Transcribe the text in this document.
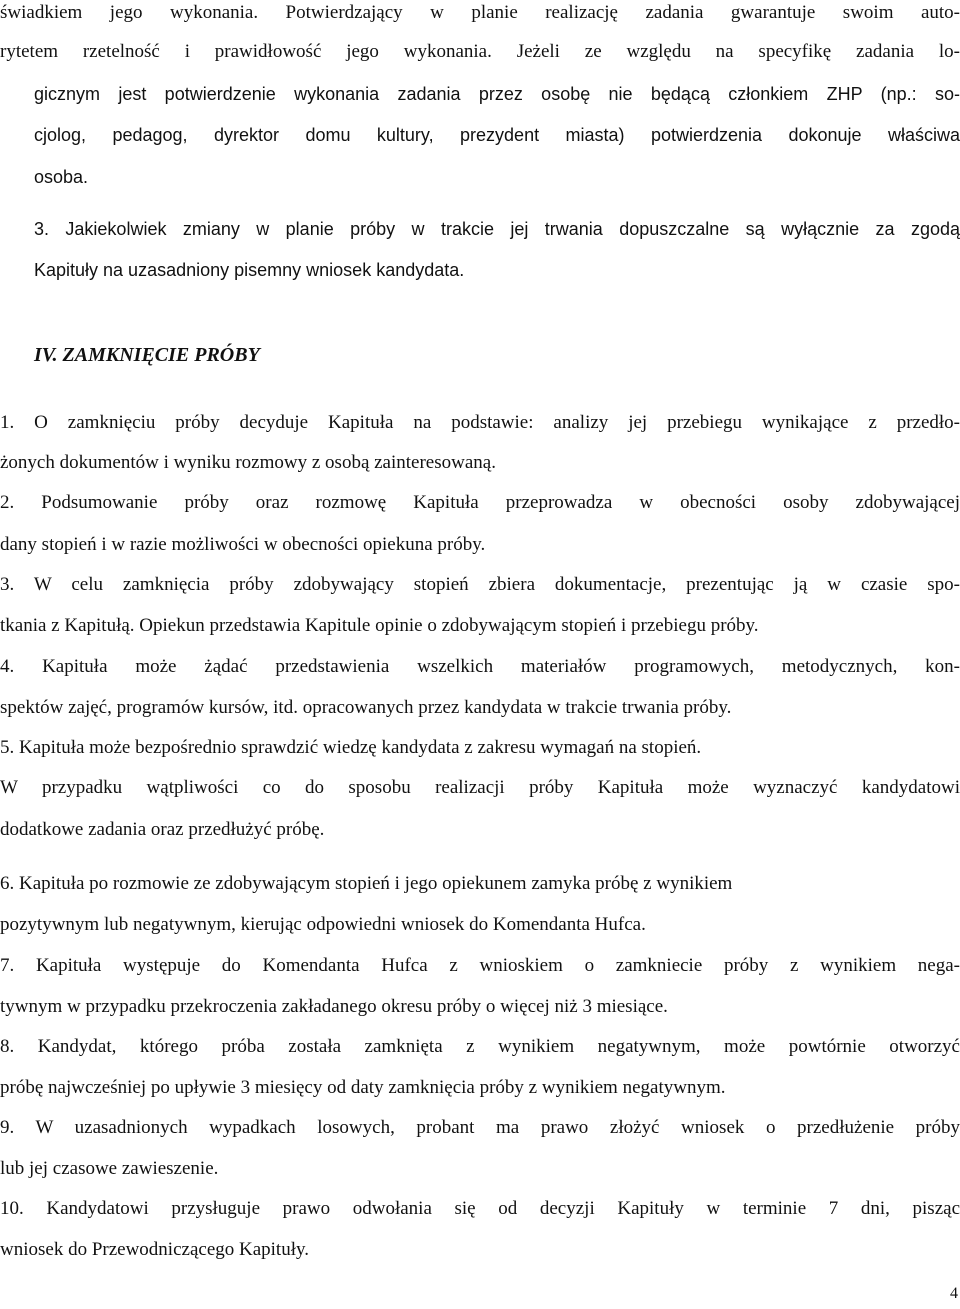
świadkiem jego wykonania. Potwierdzający w planie realizację zadania gwarantuje swoim auto-
rytetem rzetelność i prawidłowość jego wykonania. Jeżeli ze względu na specyfikę zadania lo-
gicznym jest potwierdzenie wykonania zadania przez osobę nie będącą członkiem ZHP (np.: so-
cjolog, pedagog, dyrektor domu kultury, prezydent miasta) potwierdzenia dokonuje właściwa
osoba.
3. Jakiekolwiek zmiany w planie próby w trakcie jej trwania dopuszczalne są wyłącznie za zgodą
Kapituły na uzasadniony pisemny wniosek kandydata.
IV. ZAMKNIĘCIE PRÓBY
1. O zamknięciu próby decyduje Kapituła na podstawie: analizy jej przebiegu wynikające z przedło-
żonych dokumentów i wyniku rozmowy z osobą zainteresowaną.
2. Podsumowanie próby oraz rozmowę Kapituła przeprowadza w obecności osoby zdobywającej
dany stopień i w razie możliwości w obecności opiekuna próby.
3. W celu zamknięcia próby zdobywający stopień zbiera dokumentacje, prezentując ją w czasie spo-
tkania z Kapitułą. Opiekun przedstawia Kapitule opinie o zdobywającym stopień i przebiegu próby.
4. Kapituła może żądać przedstawienia wszelkich materiałów programowych, metodycznych, kon-
spektów zajęć, programów kursów, itd. opracowanych przez kandydata w trakcie trwania próby.
5. Kapituła może bezpośrednio sprawdzić wiedzę kandydata z zakresu wymagań na stopień.
W przypadku wątpliwości co do sposobu realizacji próby Kapituła może wyznaczyć kandydatowi
dodatkowe zadania oraz przedłużyć próbę.
6. Kapituła po rozmowie ze zdobywającym stopień i jego opiekunem zamyka próbę z wynikiem
pozytywnym lub negatywnym, kierując odpowiedni wniosek do Komendanta Hufca.
7. Kapituła występuje do Komendanta Hufca z wnioskiem o zamkniecie próby z wynikiem nega-
tywnym w przypadku przekroczenia zakładanego okresu próby o więcej niż 3 miesiące.
8. Kandydat, którego próba została zamknięta z wynikiem negatywnym, może powtórnie otworzyć
próbę najwcześniej po upływie 3 miesięcy od daty zamknięcia próby z wynikiem negatywnym.
9. W uzasadnionych wypadkach losowych, probant ma prawo złożyć wniosek o przedłużenie próby
lub jej czasowe zawieszenie.
10. Kandydatowi przysługuje prawo odwołania się od decyzji Kapituły w terminie 7 dni, pisząc
wniosek do Przewodniczącego Kapituły.
4
